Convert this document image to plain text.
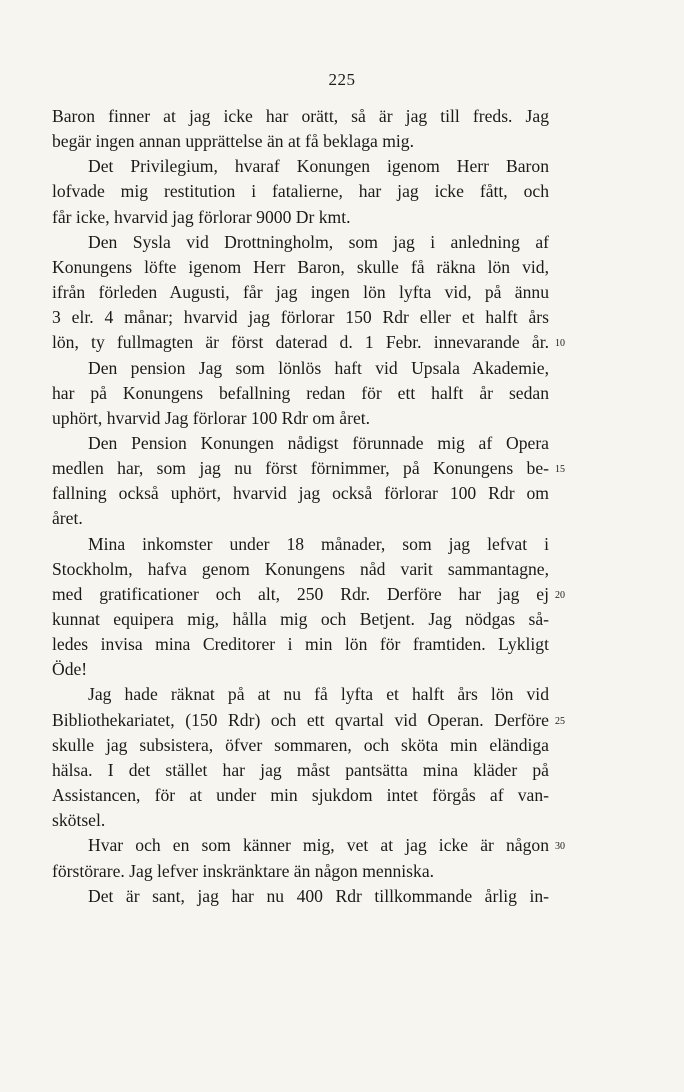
225
Baron finner at jag icke har orätt, så är jag till freds. Jag
begär ingen annan upprättelse än at få beklaga mig.
Det Privilegium, hvaraf Konungen igenom Herr Baron
lofvade mig restitution i fatalierne, har jag icke fått, och
får icke, hvarvid jag förlorar 9000 Dr kmt.
Den Sysla vid Drottningholm, som jag i anledning af
Konungens löfte igenom Herr Baron, skulle få räkna lön vid,
ifrån förleden Augusti, får jag ingen lön lyfta vid, på ännu
3 elr. 4 månar; hvarvid jag förlorar 150 Rdr eller et halft års
lön, ty fullmagten är först daterad d. 1 Febr. innevarande år.
Den pension Jag som lönlös haft vid Upsala Akademie,
har på Konungens befallning redan för ett halft år sedan
uphört, hvarvid Jag förlorar 100 Rdr om året.
Den Pension Konungen nådigst förunnade mig af Opera
medlen har, som jag nu först förnimmer, på Konungens be-
fallning också uphört, hvarvid jag också förlorar 100 Rdr om
året.
Mina inkomster under 18 månader, som jag lefvat i
Stockholm, hafva genom Konungens nåd varit sammantagne,
med gratificationer och alt, 250 Rdr. Derföre har jag ej
kunnat equipera mig, hålla mig och Betjent. Jag nödgas så-
ledes invisa mina Creditorer i min lön för framtiden. Lykligt
Öde!
Jag hade räknat på at nu få lyfta et halft års lön vid
Bibliothekariatet, (150 Rdr) och ett qvartal vid Operan. Derföre
skulle jag subsistera, öfver sommaren, och sköta min eländiga
hälsa. I det stället har jag måst pantsätta mina kläder på
Assistancen, för at under min sjukdom intet förgås af van-
skötsel.
Hvar och en som känner mig, vet at jag icke är någon
förstörare. Jag lefver inskränktare än någon menniska.
Det är sant, jag har nu 400 Rdr tillkommande årlig in-
10
15
20
25
30
